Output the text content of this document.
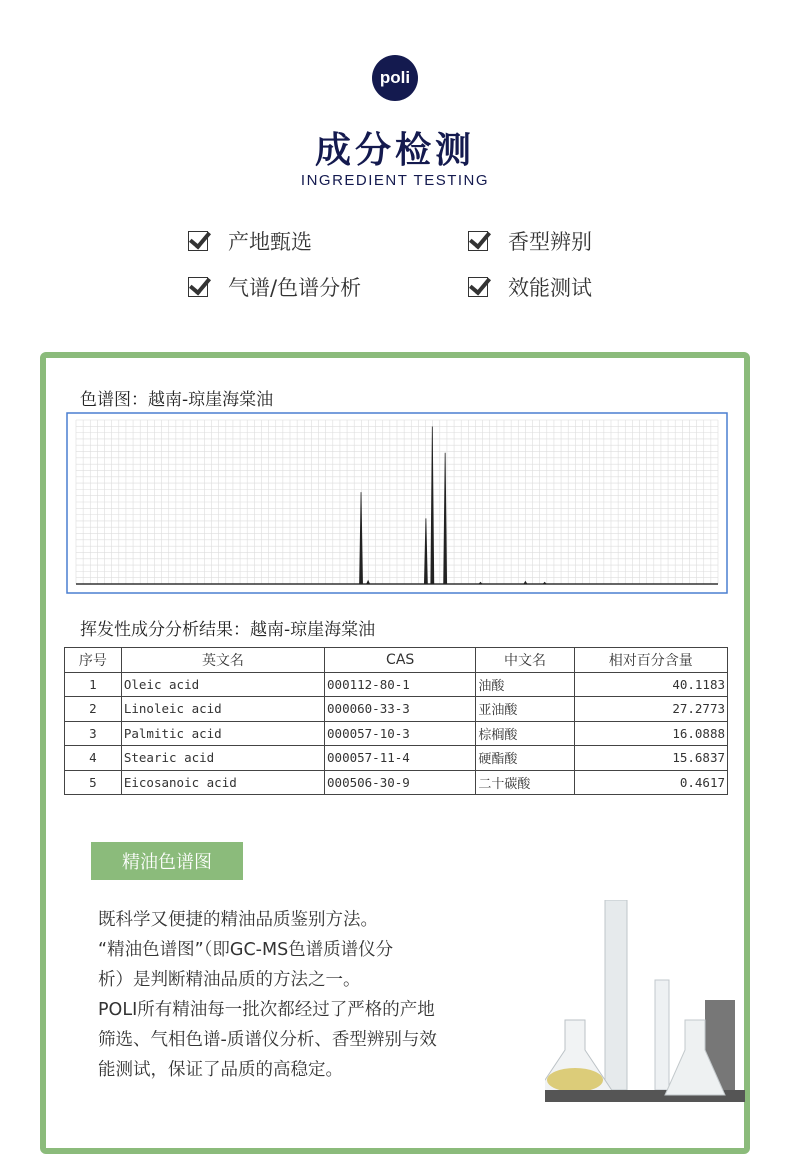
poli
成分检测
INGREDIENT TESTING
产地甄选	香型辨别
气谱/色谱分析	效能测试
色谱图：越南-琼崖海棠油
挥发性成分分析结果：越南-琼崖海棠油
序号	英文名	CAS	中文名	相对百分含量
1	Oleic acid	000112-80-1	油酸	40.1183
2	Linoleic acid	000060-33-3	亚油酸	27.2773
3	Palmitic acid	000057-10-3	棕榈酸	16.0888
4	Stearic acid	000057-11-4	硬酯酸	15.6837
5	Eicosanoic acid	000506-30-9	二十碳酸	0.4617
精油色谱图
既科学又便捷的精油品质鉴别方法。
“精油色谱图”（即GC-MS色谱质谱仪分
析）是判断精油品质的方法之一。
POLI所有精油每一批次都经过了严格的产地
筛选、气相色谱-质谱仪分析、香型辨别与效
能测试，保证了品质的高稳定。
